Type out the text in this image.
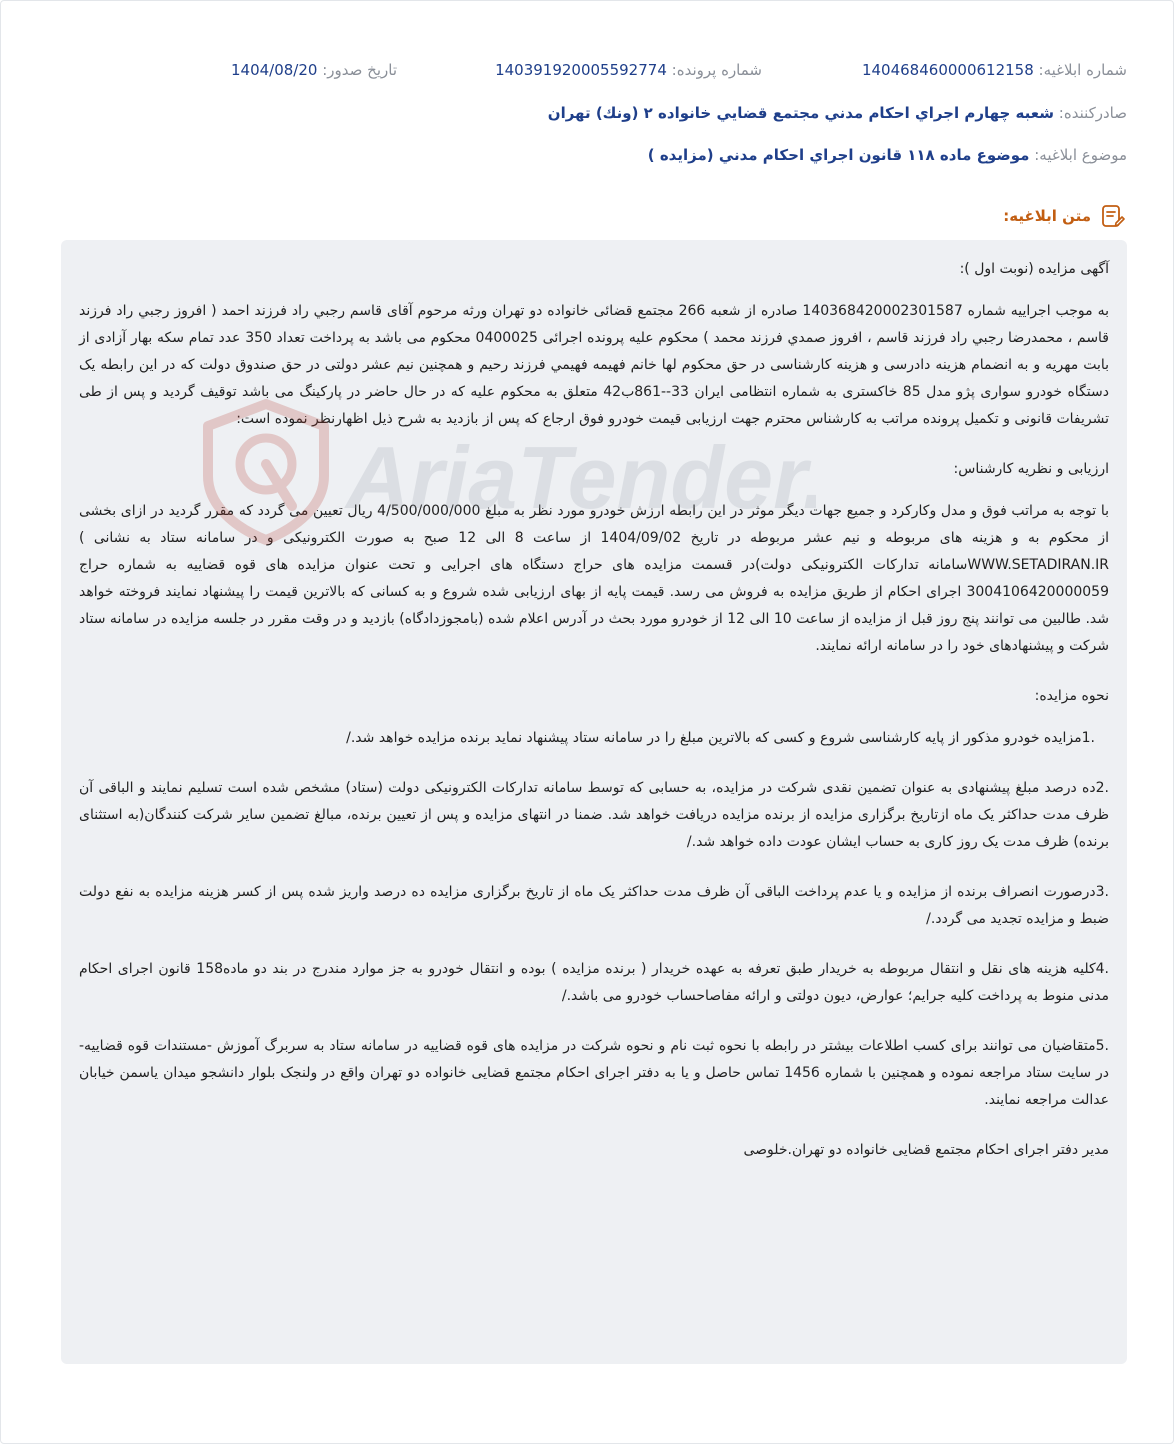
شماره ابلاغیه: 140468460000612158
شماره پرونده: 140391920005592774
تاریخ صدور: 1404/08/20
صادرکننده: شعبه چهارم اجراي احكام مدني مجتمع قضايي خانواده ۲ (ونك) تهران
موضوع ابلاغیه: موضوع ماده ۱۱۸ قانون اجراي احكام مدني (مزايده )
متن ابلاغیه:

آگهی مزایده (نوبت اول ):

به موجب اجراییه شماره 140368420002301587 صادره از شعبه 266 مجتمع قضائی خانواده دو تهران ورثه مرحوم آقای قاسم رجبي راد فرزند احمد ( افروز رجبي راد فرزند قاسم ، محمدرضا رجبي راد فرزند قاسم ، افروز صمدي فرزند محمد ) محکوم علیه پرونده اجرائی 0400025 محکوم می باشد به پرداخت تعداد 350 عدد تمام سکه بهار آزادی از بابت مهریه و به انضمام هزینه دادرسی و هزینه کارشناسی در حق محکوم لها خانم فهیمه فهیمي فرزند رحیم و همچنین نیم عشر دولتی در حق صندوق دولت که در این رابطه یک دستگاه خودرو سواری پژو مدل 85 خاکستری به شماره انتظامی ایران 33--861ب42 متعلق به محکوم علیه که در حال حاضر در پارکینگ می باشد توقیف گردید و پس از طی تشریفات قانونی و تکمیل پرونده مراتب به کارشناس محترم جهت ارزیابی قیمت خودرو فوق ارجاع که پس از بازدید به شرح ذیل اظهارنظر نموده است:

ارزیابی و نظریه کارشناس:

با توجه به مراتب فوق و مدل وکارکرد و جمیع جهات دیگر موثر در این رابطه ارزش خودرو مورد نظر به مبلغ 4/500/000/000 ریال تعیین می گردد که مقرر گردید در ازای بخشی از محکوم به و هزینه های مربوطه و نیم عشر مربوطه در تاریخ 1404/09/02 از ساعت 8 الی 12 صبح به صورت الکترونیکی و در سامانه ستاد به نشانی ) WWW.SETADIRAN.IRسامانه تدارکات الکترونیکی دولت)در قسمت مزایده های حراج دستگاه های اجرایی و تحت عنوان مزایده های قوه قضاییه به شماره حراج 3004106420000059 اجرای احکام از طریق مزایده به فروش می رسد. قیمت پایه از بهای ارزیابی شده شروع و به کسانی که بالاترین قیمت را پیشنهاد نمایند فروخته خواهد شد. طالبین می توانند پنج روز قبل از مزایده از ساعت 10 الی 12 از خودرو مورد بحث در آدرس اعلام شده (بامجوزدادگاه) بازدید و در وقت مقرر در جلسه مزایده در سامانه ستاد شرکت و پیشنهادهای خود را در سامانه ارائه نمایند.

نحوه مزایده:

.1مزایده خودرو مذکور از پایه کارشناسی شروع و کسی که بالاترین مبلغ را در سامانه ستاد پیشنهاد نماید برنده مزایده خواهد شد./

.2ده درصد مبلغ پیشنهادی به عنوان تضمین نقدی شرکت در مزایده، به حسابی که توسط سامانه تدارکات الکترونیکی دولت (ستاد) مشخص شده است تسلیم نمایند و الباقی آن ظرف مدت حداکثر یک ماه ازتاریخ برگزاری مزایده از برنده مزایده دریافت خواهد شد. ضمنا در انتهای مزایده و پس از تعیین برنده، مبالغ تضمین سایر شرکت کنندگان(به استثنای برنده) ظرف مدت یک روز کاری به حساب ایشان عودت داده خواهد شد./

.3درصورت انصراف برنده از مزایده و یا عدم پرداخت الباقی آن ظرف مدت حداکثر یک ماه از تاریخ برگزاری مزایده ده درصد واریز شده پس از کسر هزینه مزایده به نفع دولت ضبط و مزایده تجدید می گردد./

.4کلیه هزینه های نقل و انتقال مربوطه به خریدار طبق تعرفه به عهده خریدار ( برنده مزایده ) بوده و انتقال خودرو به جز موارد مندرج در بند دو ماده158 قانون اجرای احکام مدنی منوط به پرداخت کلیه جرایم؛ عوارض، دیون دولتی و ارائه مفاصاحساب خودرو می باشد./

.5متقاضیان می توانند برای کسب اطلاعات بیشتر در رابطه با نحوه ثبت نام و نحوه شرکت در مزایده های قوه قضاییه در سامانه ستاد به سربرگ آموزش -مستندات قوه قضاییه- در سایت ستاد مراجعه نموده و همچنین با شماره 1456 تماس حاصل و یا به دفتر اجرای احکام مجتمع قضایی خانواده دو تهران واقع در ولنجک بلوار دانشجو میدان یاسمن خیابان عدالت مراجعه نمایند.

مدیر دفتر اجرای احکام مجتمع قضایی خانواده دو تهران.خلوصی

AriaTender
